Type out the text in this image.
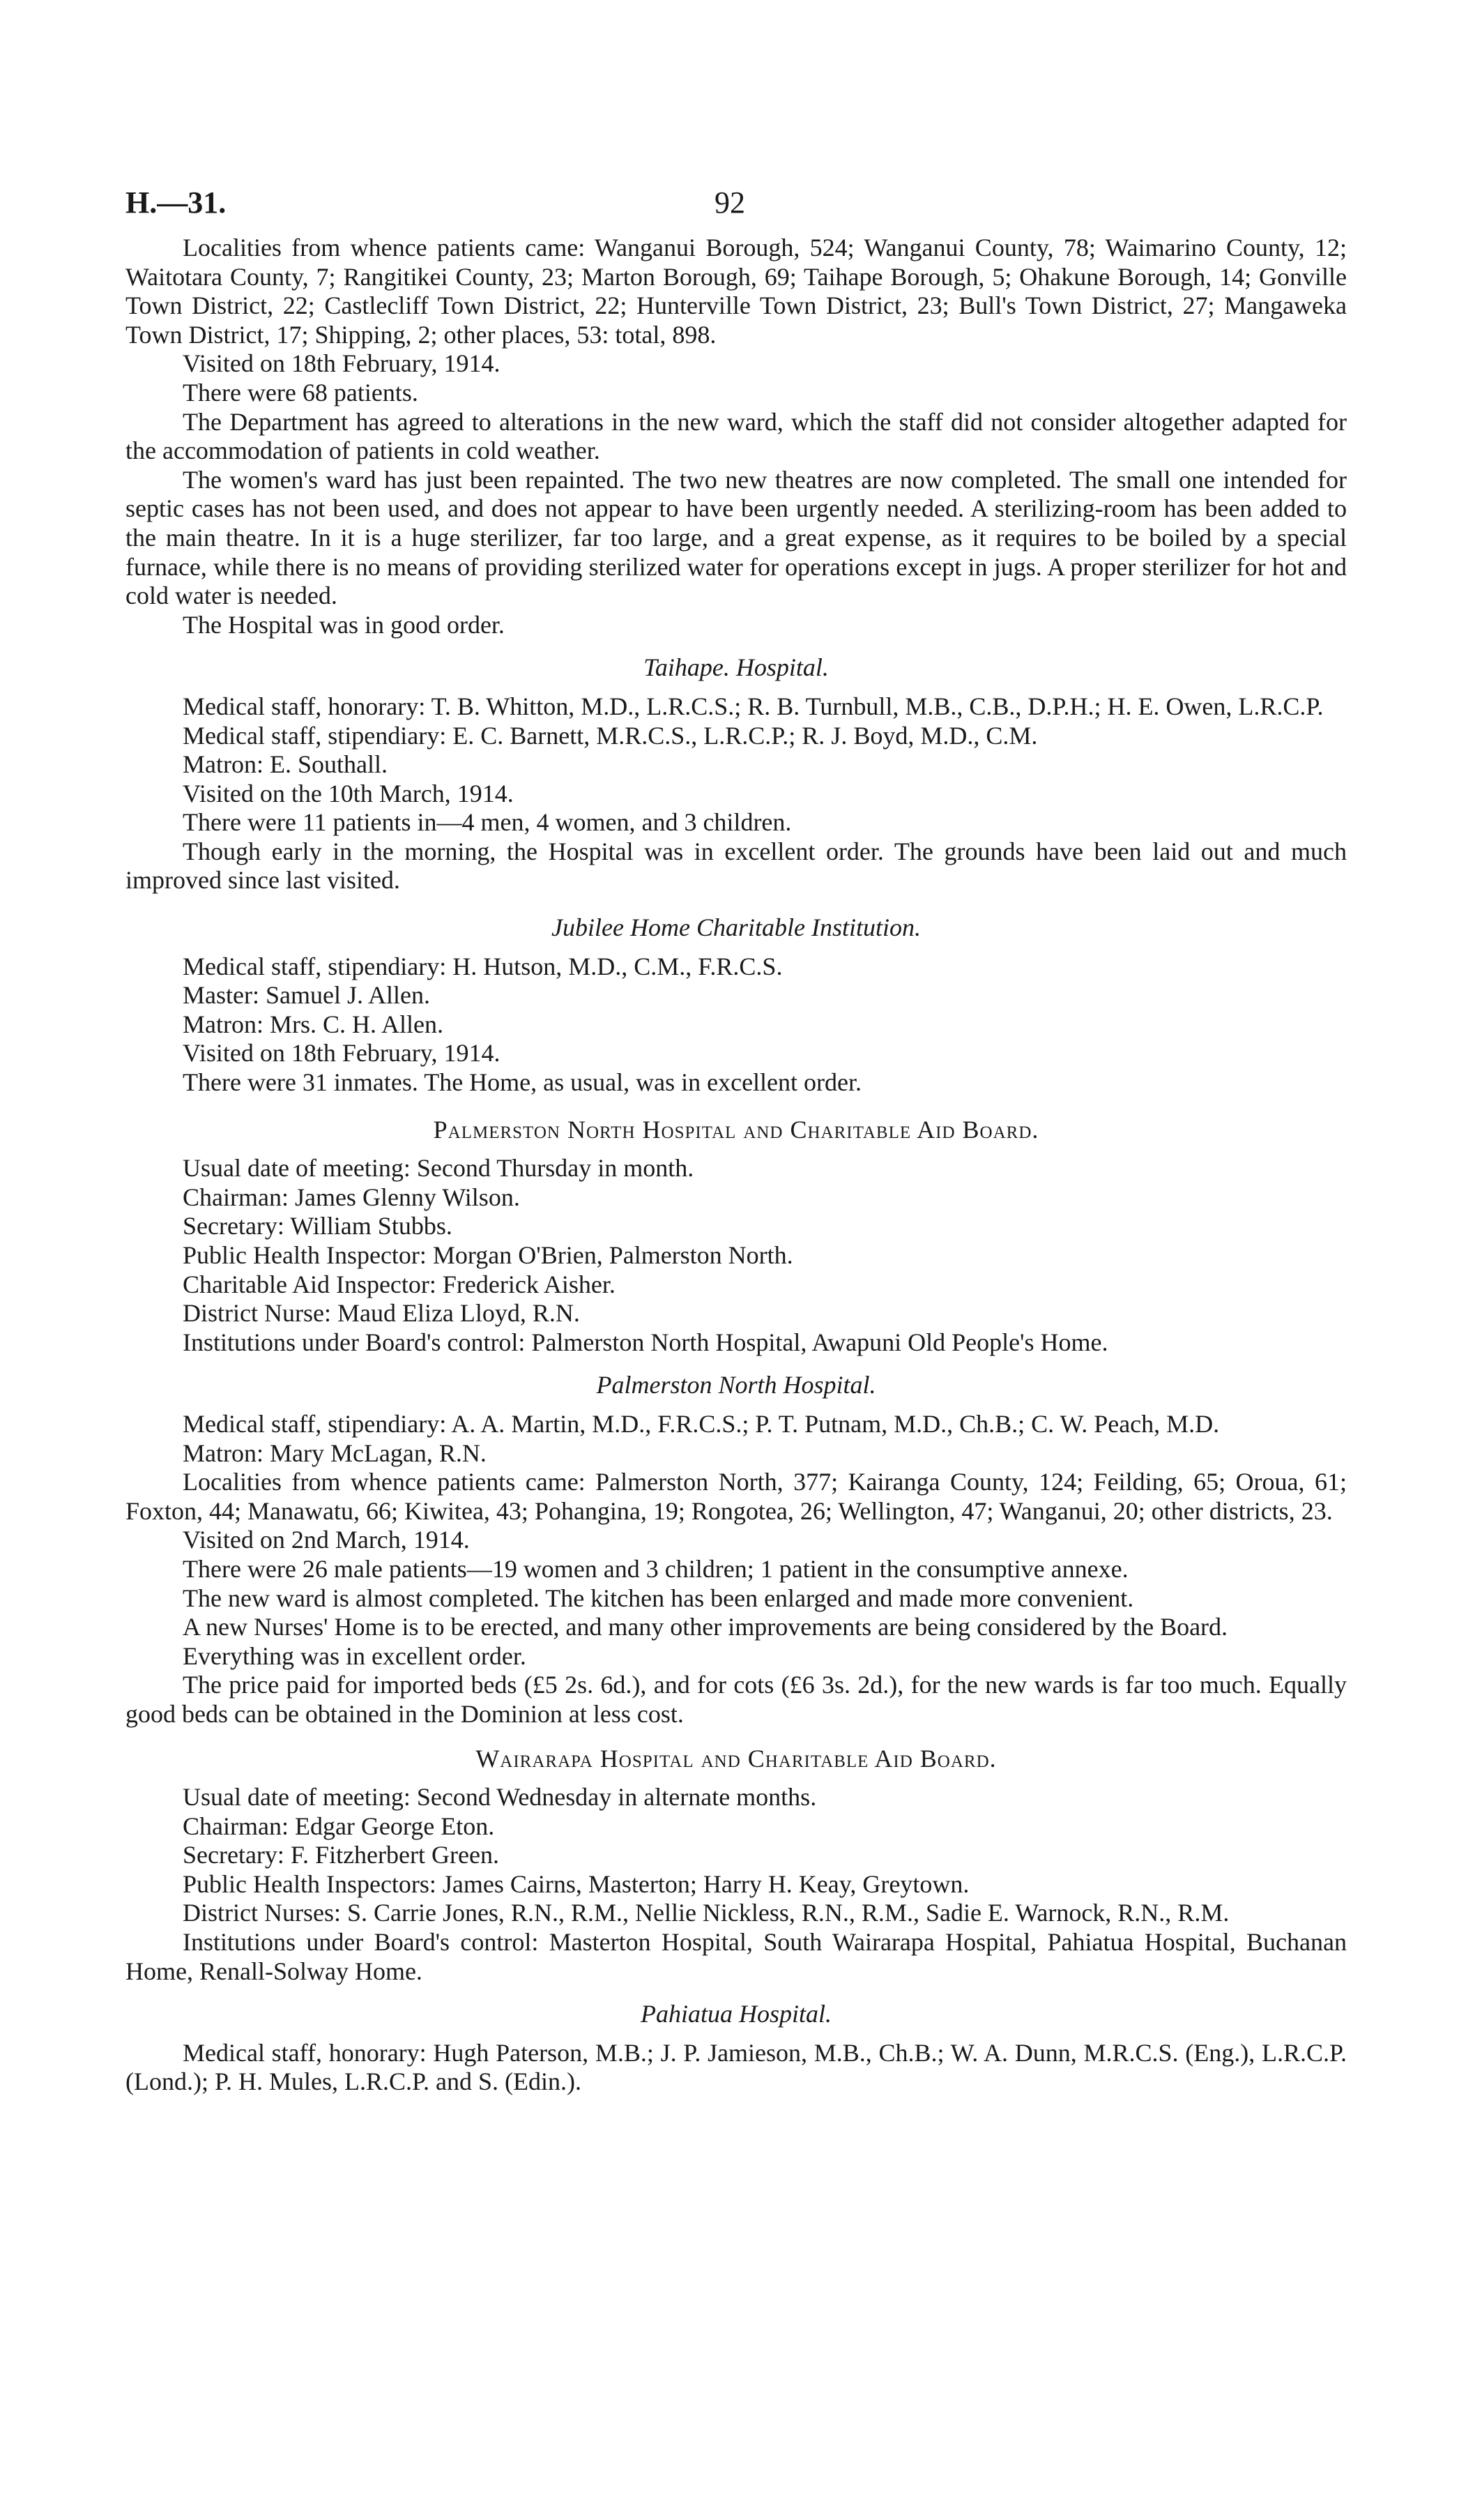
H.—31.	92

Localities from whence patients came: Wanganui Borough, 524; Wanganui County, 78; Waimarino County, 12; Waitotara County, 7; Rangitikei County, 23; Marton Borough, 69; Taihape Borough, 5; Ohakune Borough, 14; Gonville Town District, 22; Castlecliff Town District, 22; Hunterville Town District, 23; Bull's Town District, 27; Mangaweka Town District, 17; Shipping, 2; other places, 53: total, 898.

Visited on 18th February, 1914.

There were 68 patients.

The Department has agreed to alterations in the new ward, which the staff did not consider altogether adapted for the accommodation of patients in cold weather.

The women's ward has just been repainted. The two new theatres are now completed. The small one intended for septic cases has not been used, and does not appear to have been urgently needed. A sterilizing-room has been added to the main theatre. In it is a huge sterilizer, far too large, and a great expense, as it requires to be boiled by a special furnace, while there is no means of providing sterilized water for operations except in jugs. A proper sterilizer for hot and cold water is needed.

The Hospital was in good order.

Taihape. Hospital.

Medical staff, honorary: T. B. Whitton, M.D., L.R.C.S.; R. B. Turnbull, M.B., C.B., D.P.H.; H. E. Owen, L.R.C.P.

Medical staff, stipendiary: E. C. Barnett, M.R.C.S., L.R.C.P.; R. J. Boyd, M.D., C.M.

Matron: E. Southall.

Visited on the 10th March, 1914.

There were 11 patients in—4 men, 4 women, and 3 children.

Though early in the morning, the Hospital was in excellent order. The grounds have been laid out and much improved since last visited.

Jubilee Home Charitable Institution.

Medical staff, stipendiary: H. Hutson, M.D., C.M., F.R.C.S.

Master: Samuel J. Allen.

Matron: Mrs. C. H. Allen.

Visited on 18th February, 1914.

There were 31 inmates. The Home, as usual, was in excellent order.

Palmerston North Hospital and Charitable Aid Board.

Usual date of meeting: Second Thursday in month.

Chairman: James Glenny Wilson.

Secretary: William Stubbs.

Public Health Inspector: Morgan O'Brien, Palmerston North.

Charitable Aid Inspector: Frederick Aisher.

District Nurse: Maud Eliza Lloyd, R.N.

Institutions under Board's control: Palmerston North Hospital, Awapuni Old People's Home.

Palmerston North Hospital.

Medical staff, stipendiary: A. A. Martin, M.D., F.R.C.S.; P. T. Putnam, M.D., Ch.B.; C. W. Peach, M.D.

Matron: Mary McLagan, R.N.

Localities from whence patients came: Palmerston North, 377; Kairanga County, 124; Feilding, 65; Oroua, 61; Foxton, 44; Manawatu, 66; Kiwitea, 43; Pohangina, 19; Rongotea, 26; Wellington, 47; Wanganui, 20; other districts, 23.

Visited on 2nd March, 1914.

There were 26 male patients—19 women and 3 children; 1 patient in the consumptive annexe.

The new ward is almost completed. The kitchen has been enlarged and made more convenient.

A new Nurses' Home is to be erected, and many other improvements are being considered by the Board.

Everything was in excellent order.

The price paid for imported beds (£5 2s. 6d.), and for cots (£6 3s. 2d.), for the new wards is far too much. Equally good beds can be obtained in the Dominion at less cost.

Wairarapa Hospital and Charitable Aid Board.

Usual date of meeting: Second Wednesday in alternate months.

Chairman: Edgar George Eton.

Secretary: F. Fitzherbert Green.

Public Health Inspectors: James Cairns, Masterton; Harry H. Keay, Greytown.

District Nurses: S. Carrie Jones, R.N., R.M., Nellie Nickless, R.N., R.M., Sadie E. Warnock, R.N., R.M.

Institutions under Board's control: Masterton Hospital, South Wairarapa Hospital, Pahiatua Hospital, Buchanan Home, Renall-Solway Home.

Pahiatua Hospital.

Medical staff, honorary: Hugh Paterson, M.B.; J. P. Jamieson, M.B., Ch.B.; W. A. Dunn, M.R.C.S. (Eng.), L.R.C.P. (Lond.); P. H. Mules, L.R.C.P. and S. (Edin.).
